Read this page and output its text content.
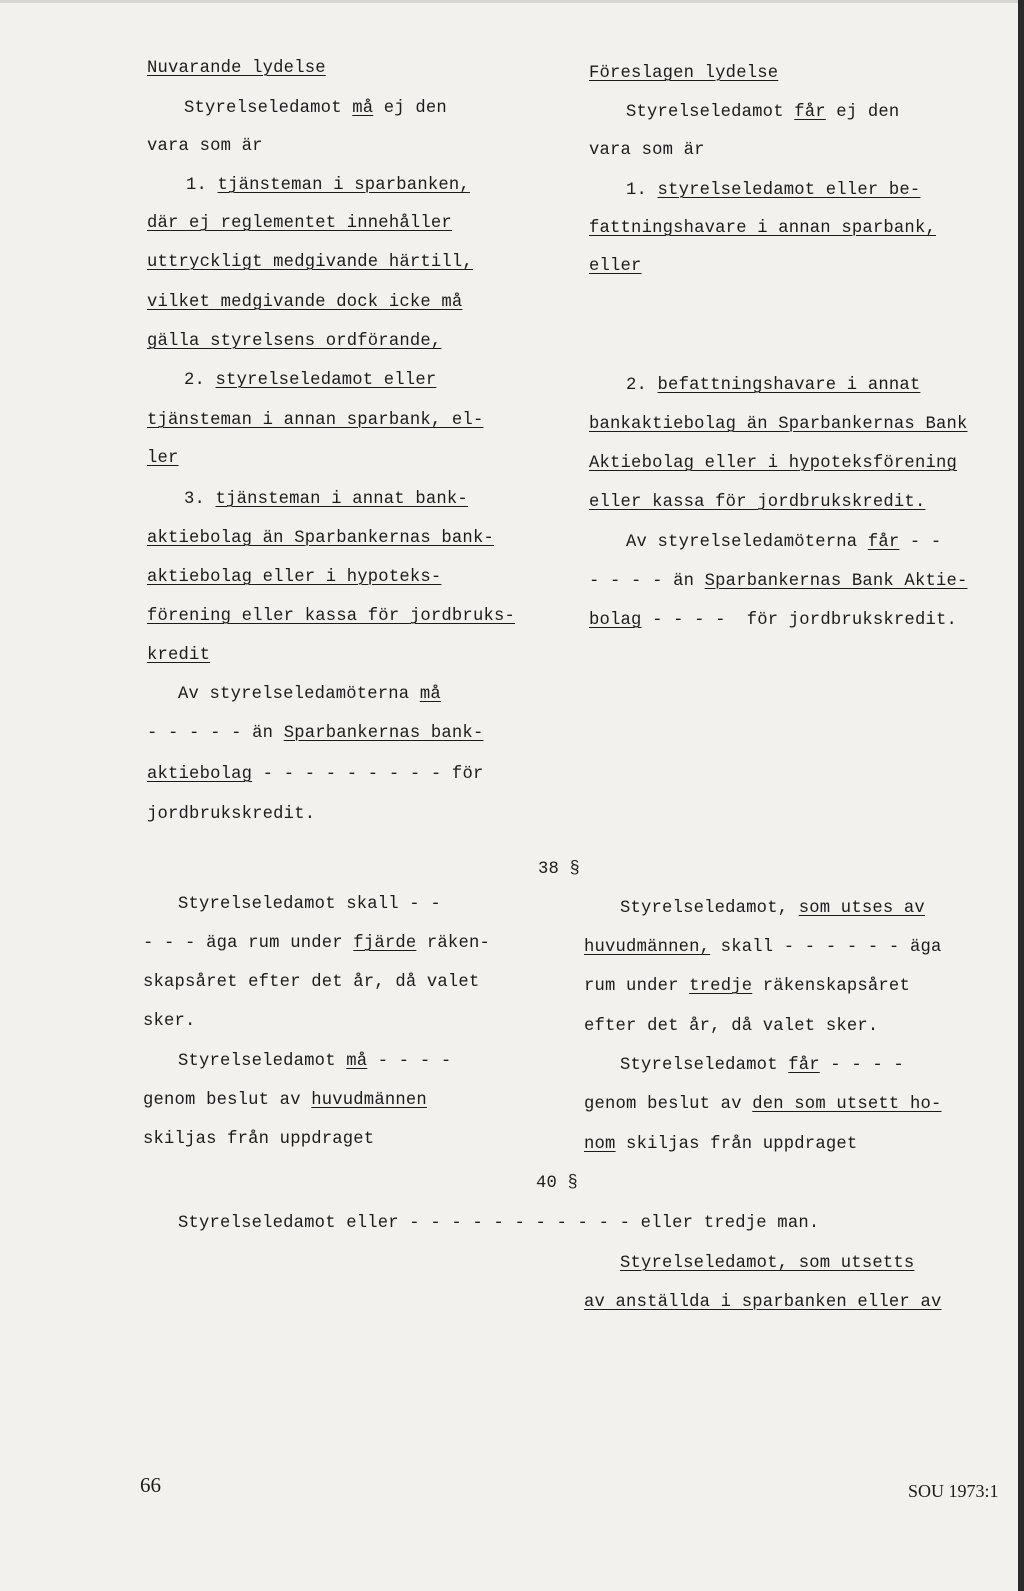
Nuvarande lydelse	Föreslagen lydelse
Styrelseledamot må ej den
vara som är
1. tjänsteman i sparbanken,
där ej reglementet innehåller
uttryckligt medgivande härtill,
vilket medgivande dock icke må
gälla styrelsens ordförande,
2. styrelseledamot eller
tjänsteman i annan sparbank, el-
ler
3. tjänsteman i annat bank-
aktiebolag än Sparbankernas bank-
aktiebolag eller i hypoteks-
förening eller kassa för jordbruks-
kredit
Av styrelseledamöterna må
- - - - - än Sparbankernas bank-
aktiebolag - - - - - - - - - för
jordbrukskredit.
Styrelseledamot får ej den
vara som är
1. styrelseledamot eller be-
fattningshavare i annan sparbank,
eller
2. befattningshavare i annat
bankaktiebolag än Sparbankernas Bank
Aktiebolag eller i hypoteksförening
eller kassa för jordbrukskredit.
Av styrelseledamöterna får - -
- - - - än Sparbankernas Bank Aktie-
bolag - - - -  för jordbrukskredit.
38 §
Styrelseledamot skall - -
- - - äga rum under fjärde räken-
skapsåret efter det år, då valet
sker.
Styrelseledamot må - - - -
genom beslut av huvudmännen
skiljas från uppdraget
Styrelseledamot, som utses av
huvudmännen, skall - - - - - - äga
rum under tredje räkenskapsåret
efter det år, då valet sker.
Styrelseledamot får - - - -
genom beslut av den som utsett ho-
nom skiljas från uppdraget
40 §
Styrelseledamot eller - - - - - - - - - - - eller tredje man.
Styrelseledamot, som utsetts
av anställda i sparbanken eller av
66	SOU 1973:1
